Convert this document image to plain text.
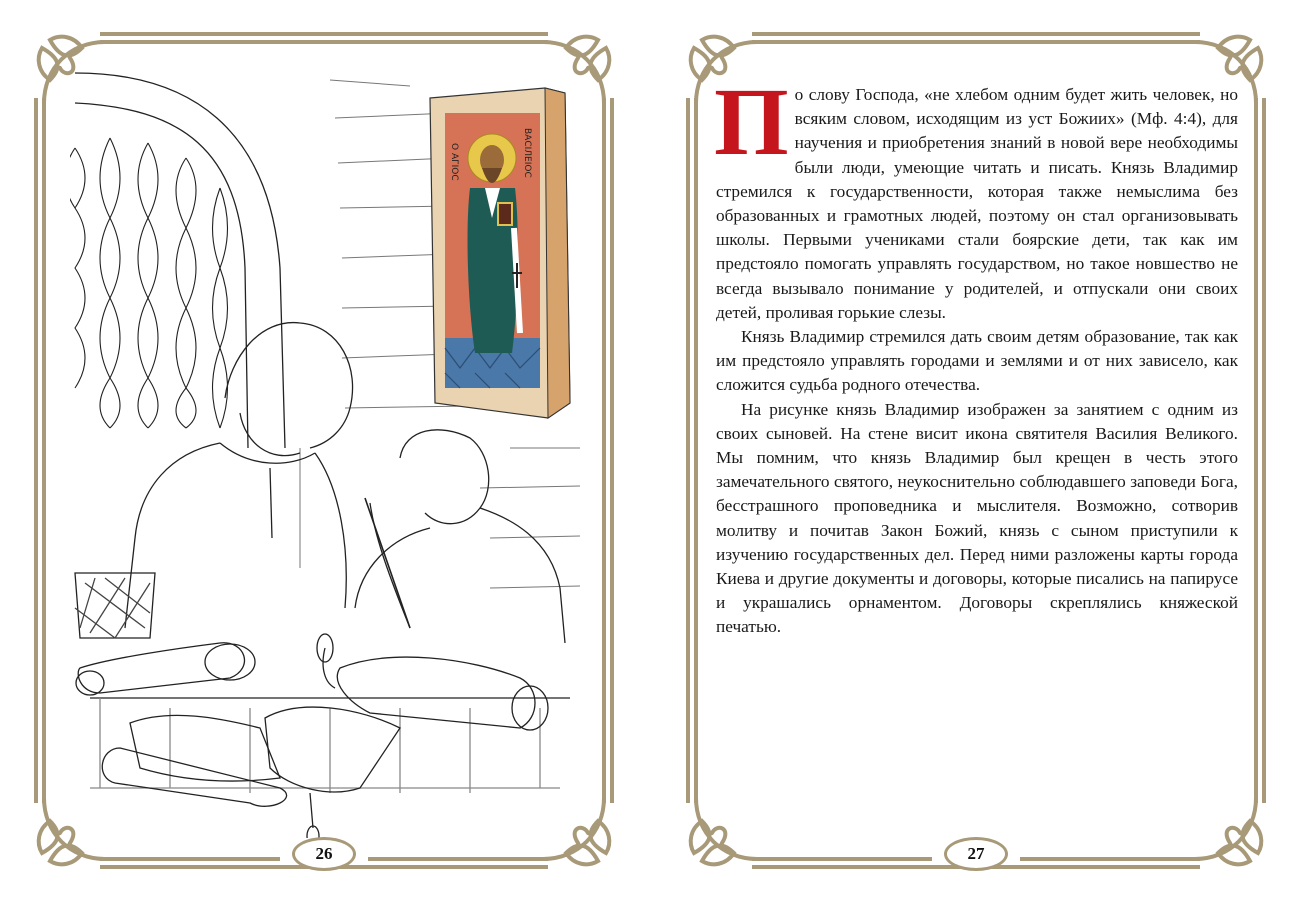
О АГІОС	ВАСІЛЕІОС
26

По слову Господа, «не хлебом одним будет жить человек, но всяким словом, исходящим из уст Божиих» (Мф. 4:4), для научения и приобретения знаний в новой вере необходимы были люди, умеющие читать и писать. Князь Владимир стремился к государственности, которая также немыслима без образованных и грамотных людей, поэтому он стал организовывать школы. Первыми учениками стали боярские дети, так как им предстояло помогать управлять государством, но такое новшество не всегда вызывало понимание у родителей, и отпускали они своих детей, проливая горькие слезы.

Князь Владимир стремился дать своим детям образование, так как им предстояло управлять городами и землями и от них зависело, как сложится судьба родного отечества.

На рисунке князь Владимир изображен за занятием с одним из своих сыновей. На стене висит икона святителя Василия Великого. Мы помним, что князь Владимир был крещен в честь этого замечательного святого, неукоснительно соблюдавшего заповеди Бога, бесстрашного проповедника и мыслителя. Возможно, сотворив молитву и почитав Закон Божий, князь с сыном приступили к изучению государственных дел. Перед ними разложены карты города Киева и другие документы и договоры, которые писались на папирусе и украшались орнаментом. Договоры скреплялись княжеской печатью.

27
